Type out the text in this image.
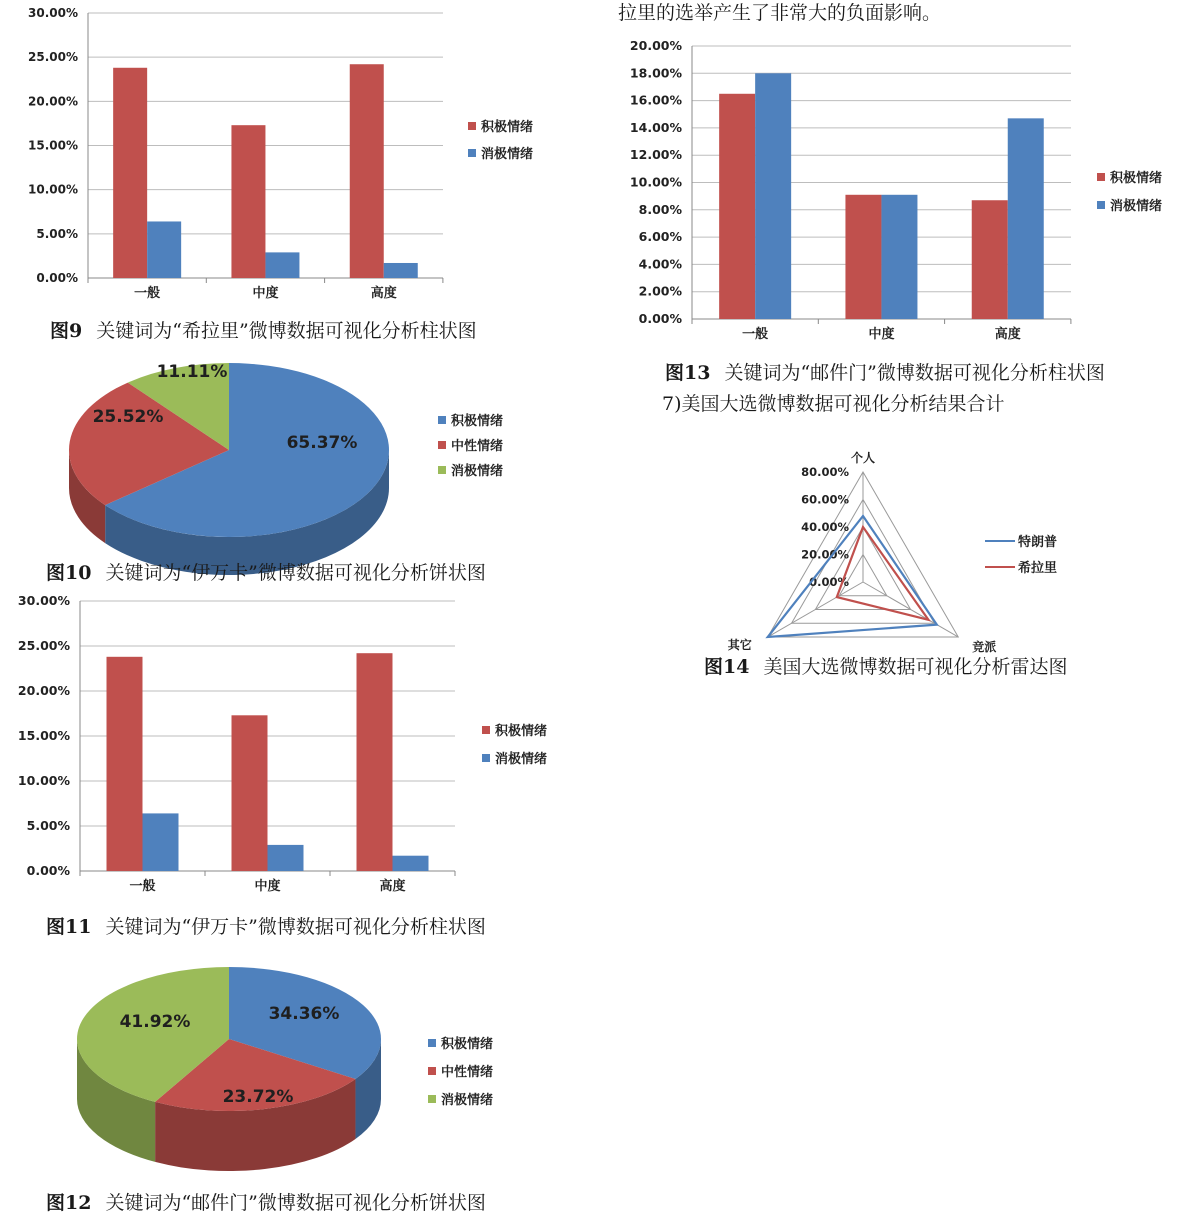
拉里的选举产生了非常大的负面影响。
7)美国大选微博数据可视化分析结果合计
0.00%
5.00%
10.00%
15.00%
20.00%
25.00%
30.00%
一般	中度	高度
积极情绪
消极情绪
图9 关键词为“希拉里”微博数据可视化分析柱状图
65.37%
25.52%
11.11%
积极情绪
中性情绪
消极情绪
图10 关键词为“伊万卡”微博数据可视化分析饼状图
0.00%
5.00%
10.00%
15.00%
20.00%
25.00%
30.00%
一般	中度	高度
积极情绪
消极情绪
图11 关键词为“伊万卡”微博数据可视化分析柱状图
34.36%
23.72%
41.92%
积极情绪
中性情绪
消极情绪
图12 关键词为“邮件门”微博数据可视化分析饼状图
0.00%
2.00%
4.00%
6.00%
8.00%
10.00%
12.00%
14.00%
16.00%
18.00%
20.00%
一般	中度	高度
积极情绪
消极情绪
图13 关键词为“邮件门”微博数据可视化分析柱状图
0.00%
20.00%
40.00%
60.00%
80.00%
个人
竞派
其它
特朗普
希拉里
图14 美国大选微博数据可视化分析雷达图
